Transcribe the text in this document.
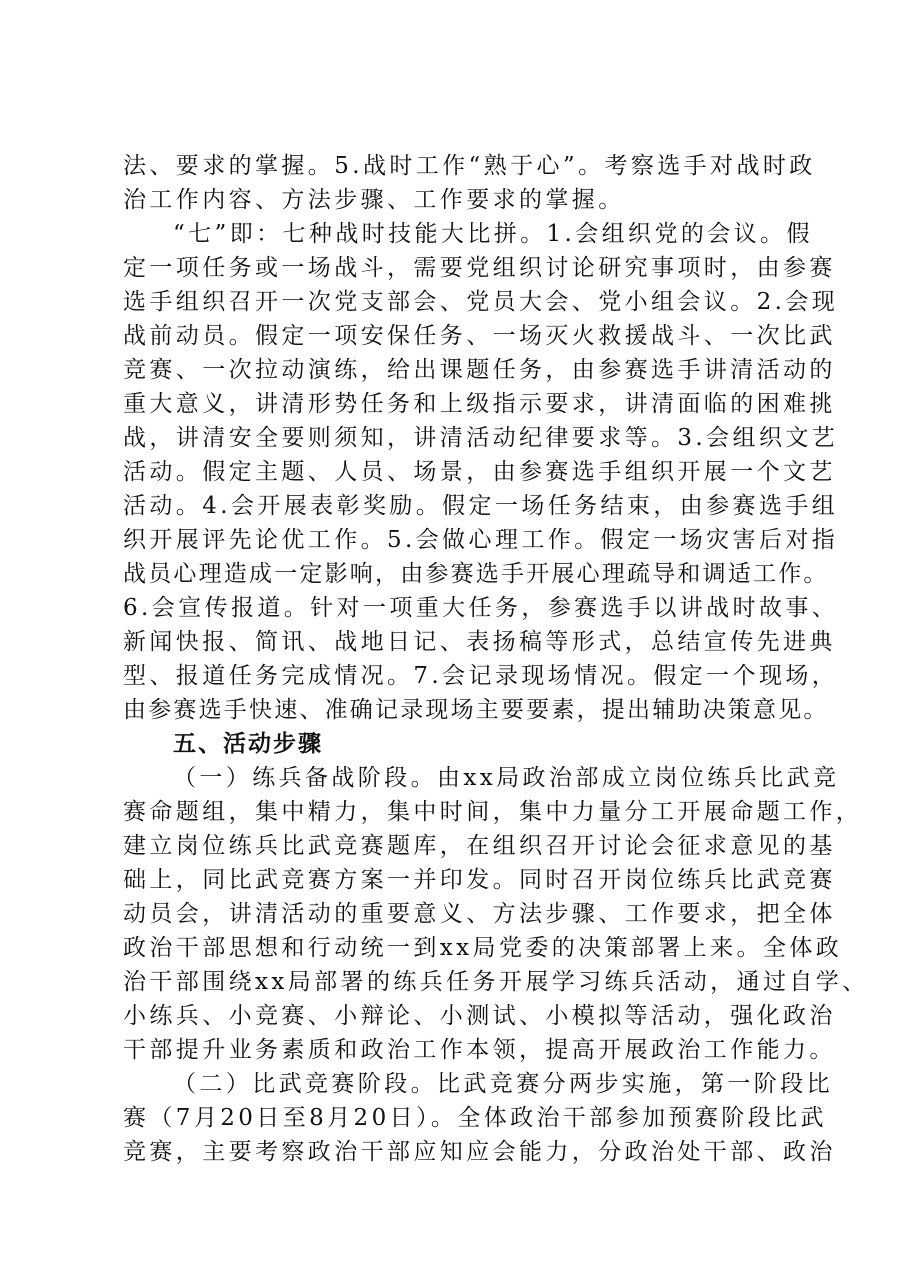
法、要求的掌握。5.战时工作“熟于心”。考察选手对战时政
治工作内容、方法步骤、工作要求的掌握。
“七”即：七种战时技能大比拼。1.会组织党的会议。假
定一项任务或一场战斗，需要党组织讨论研究事项时，由参赛
选手组织召开一次党支部会、党员大会、党小组会议。2.会现
战前动员。假定一项安保任务、一场灭火救援战斗、一次比武
竞赛、一次拉动演练，给出课题任务，由参赛选手讲清活动的
重大意义，讲清形势任务和上级指示要求，讲清面临的困难挑
战，讲清安全要则须知，讲清活动纪律要求等。3.会组织文艺
活动。假定主题、人员、场景，由参赛选手组织开展一个文艺
活动。4.会开展表彰奖励。假定一场任务结束，由参赛选手组
织开展评先论优工作。5.会做心理工作。假定一场灾害后对指
战员心理造成一定影响，由参赛选手开展心理疏导和调适工作。
6.会宣传报道。针对一项重大任务，参赛选手以讲战时故事、
新闻快报、简讯、战地日记、表扬稿等形式，总结宣传先进典
型、报道任务完成情况。7.会记录现场情况。假定一个现场，
由参赛选手快速、准确记录现场主要要素，提出辅助决策意见。
五、活动步骤
（一）练兵备战阶段。由xx局政治部成立岗位练兵比武竞
赛命题组，集中精力，集中时间，集中力量分工开展命题工作，
建立岗位练兵比武竞赛题库，在组织召开讨论会征求意见的基
础上，同比武竞赛方案一并印发。同时召开岗位练兵比武竞赛
动员会，讲清活动的重要意义、方法步骤、工作要求，把全体
政治干部思想和行动统一到xx局党委的决策部署上来。全体政
治干部围绕xx局部署的练兵任务开展学习练兵活动，通过自学、
小练兵、小竞赛、小辩论、小测试、小模拟等活动，强化政治
干部提升业务素质和政治工作本领，提高开展政治工作能力。
（二）比武竞赛阶段。比武竞赛分两步实施，第一阶段比
赛（7月20日至8月20日）。全体政治干部参加预赛阶段比武
竞赛，主要考察政治干部应知应会能力，分政治处干部、政治
